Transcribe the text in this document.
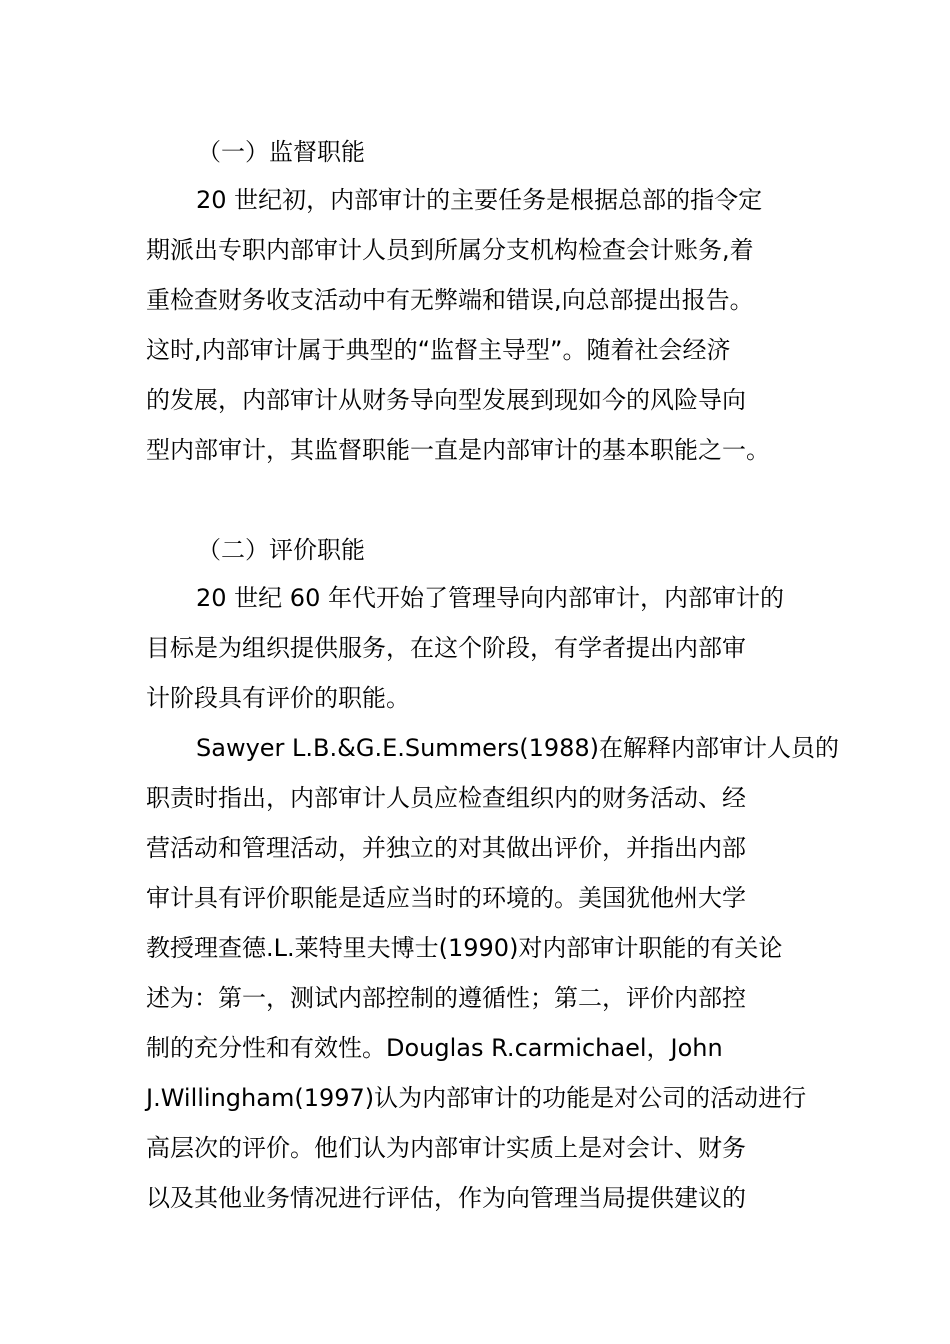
（一）监督职能
20 世纪初，内部审计的主要任务是根据总部的指令定
期派出专职内部审计人员到所属分支机构检查会计账务,着
重检查财务收支活动中有无弊端和错误,向总部提出报告。
这时,内部审计属于典型的“监督主导型”。随着社会经济
的发展，内部审计从财务导向型发展到现如今的风险导向
型内部审计，其监督职能一直是内部审计的基本职能之一。
（二）评价职能
20 世纪 60 年代开始了管理导向内部审计，内部审计的
目标是为组织提供服务，在这个阶段，有学者提出内部审
计阶段具有评价的职能。
Sawyer L.B.&G.E.Summers(1988)在解释内部审计人员的
职责时指出，内部审计人员应检查组织内的财务活动、经
营活动和管理活动，并独立的对其做出评价，并指出内部
审计具有评价职能是适应当时的环境的。美国犹他州大学
教授理查德.L.莱特里夫博士(1990)对内部审计职能的有关论
述为：第一，测试内部控制的遵循性；第二，评价内部控
制的充分性和有效性。Douglas R.carmichael，John
J.Willingham(1997)认为内部审计的功能是对公司的活动进行
高层次的评价。他们认为内部审计实质上是对会计、财务
以及其他业务情况进行评估，作为向管理当局提供建议的
